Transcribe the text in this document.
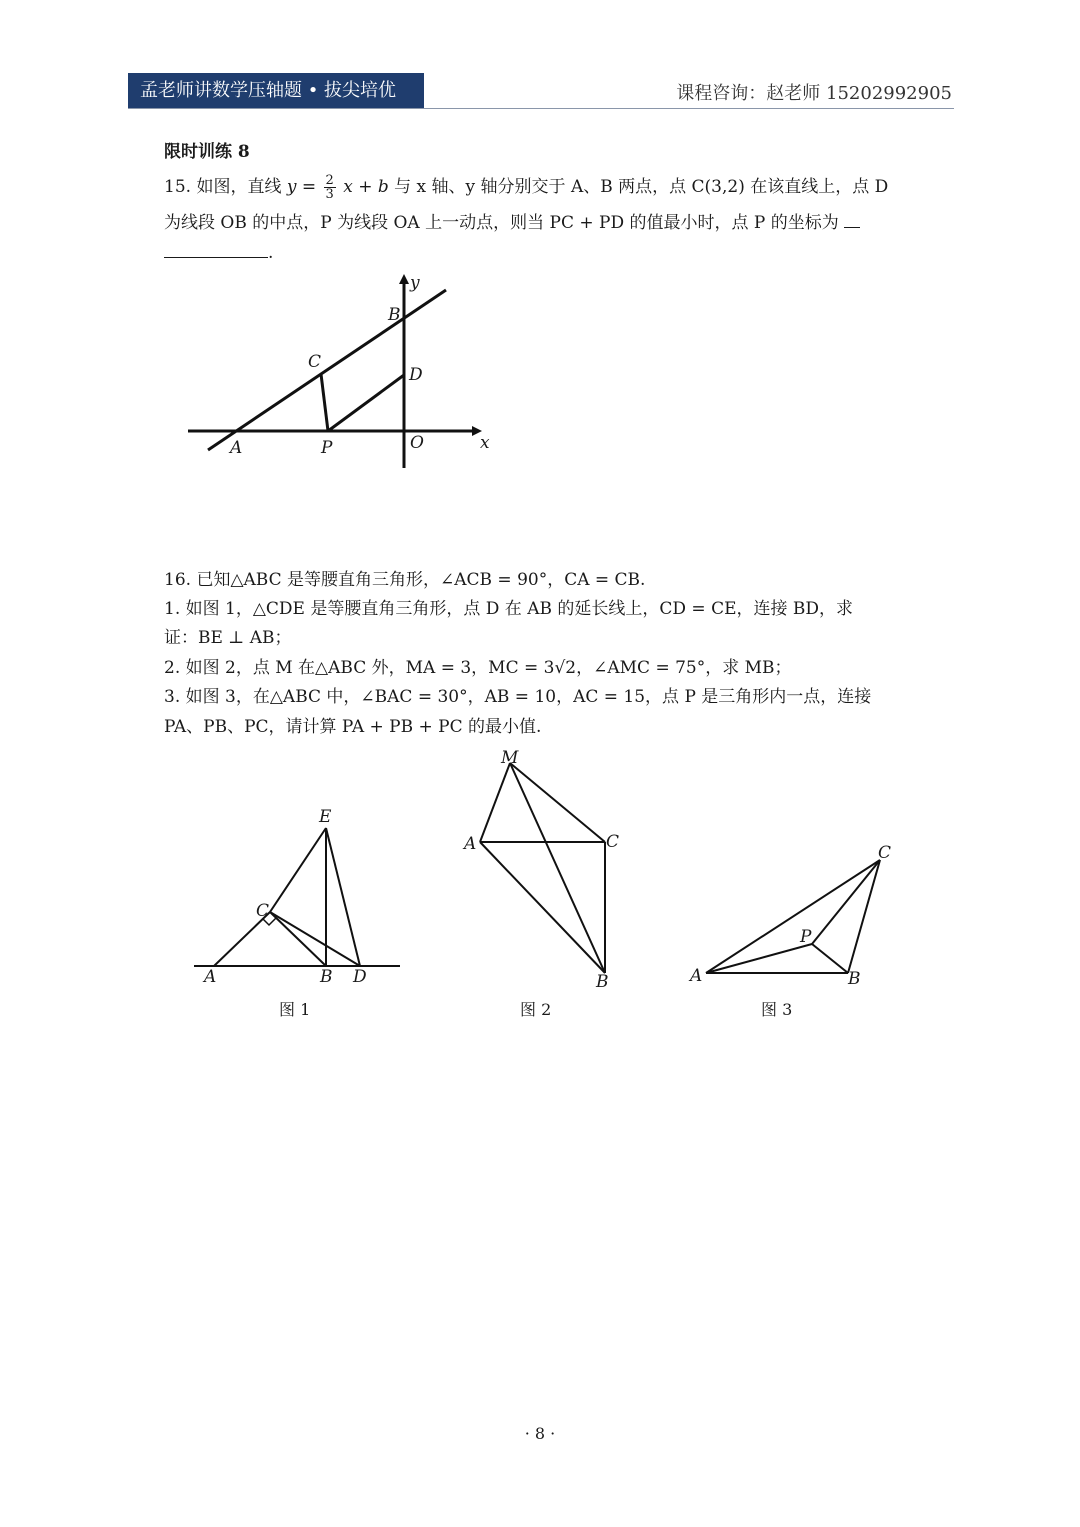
孟老师讲数学压轴题 • 拔尖培优	课程咨询：赵老师 15202992905
限时训练 8
15. 如图，直线 $y = \frac{2}{3}$ x + b 与 x 轴、y 轴分别交于 A、B 两点，点 C(3,2) 在该直线上，点 D
为线段 OB 的中点，P 为线段 OA 上一动点，则当 PC + PD 的值最小时，点 P 的坐标为
.
y
B
C
D
A	P	O	x
16. 已知△ABC 是等腰直角三角形，∠ACB = 90°，CA = CB.
1. 如图 1，△CDE 是等腰直角三角形，点 D 在 AB 的延长线上，CD = CE，连接 BD，求
证：BE ⊥ AB；
2. 如图 2，点 M 在△ABC 外，MA = 3，MC = 3√2，∠AMC = 75°，求 MB；
3. 如图 3，在△ABC 中，∠BAC = 30°，AB = 10，AC = 15，点 P 是三角形内一点，连接
PA、PB、PC，请计算 PA + PB + PC 的最小值.
E
C
A	B D
图 1
M
A	C
B
图 2
C
P
A	B
图 3
· 8 ·
